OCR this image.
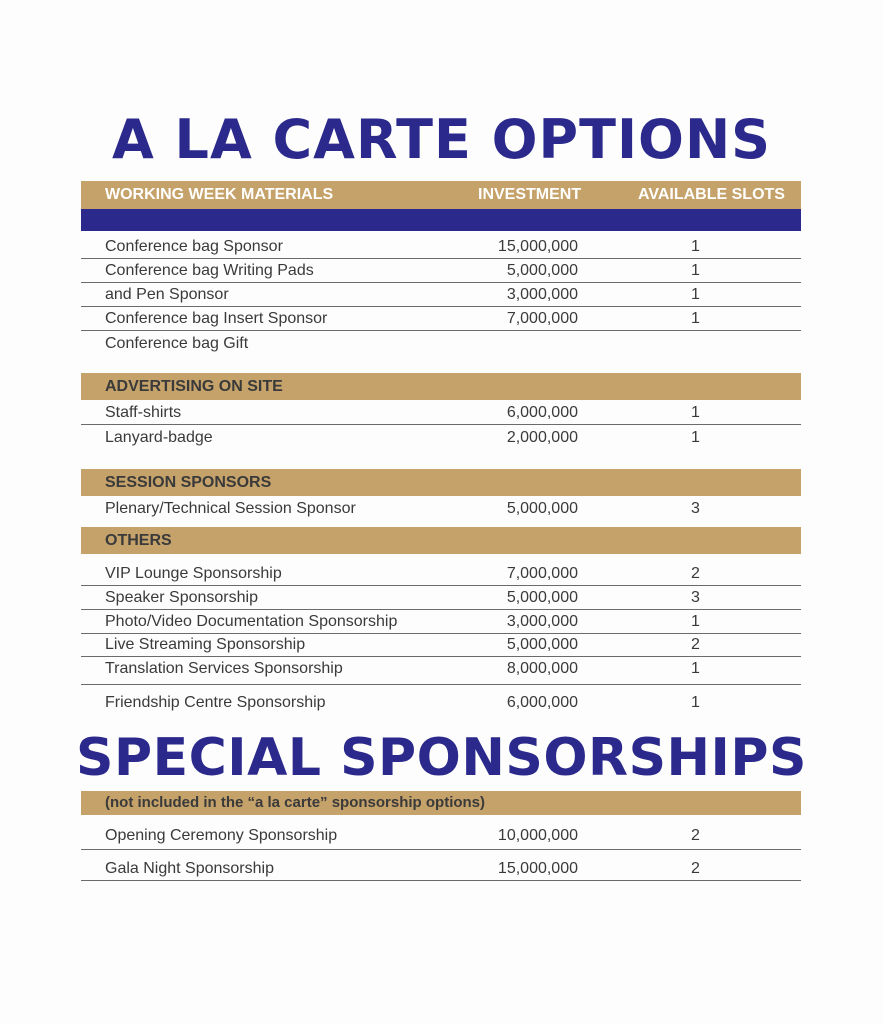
A LA CARTE OPTIONS
WORKING WEEK MATERIALS	INVESTMENT	AVAILABLE SLOTS
Conference bag Sponsor	15,000,000	1
Conference bag Writing Pads	5,000,000	1
and Pen Sponsor	3,000,000	1
Conference bag Insert Sponsor	7,000,000	1
Conference bag Gift
ADVERTISING ON SITE
Staff-shirts	6,000,000	1
Lanyard-badge	2,000,000	1
SESSION SPONSORS
Plenary/Technical Session Sponsor	5,000,000	3
OTHERS
VIP Lounge Sponsorship	7,000,000	2
Speaker Sponsorship	5,000,000	3
Photo/Video Documentation Sponsorship	3,000,000	1
Live Streaming Sponsorship	5,000,000	2
Translation Services Sponsorship	8,000,000	1
Friendship Centre Sponsorship	6,000,000	1
SPECIAL SPONSORSHIPS
(not included in the “a la carte” sponsorship options)
Opening Ceremony Sponsorship	10,000,000	2
Gala Night Sponsorship	15,000,000	2
